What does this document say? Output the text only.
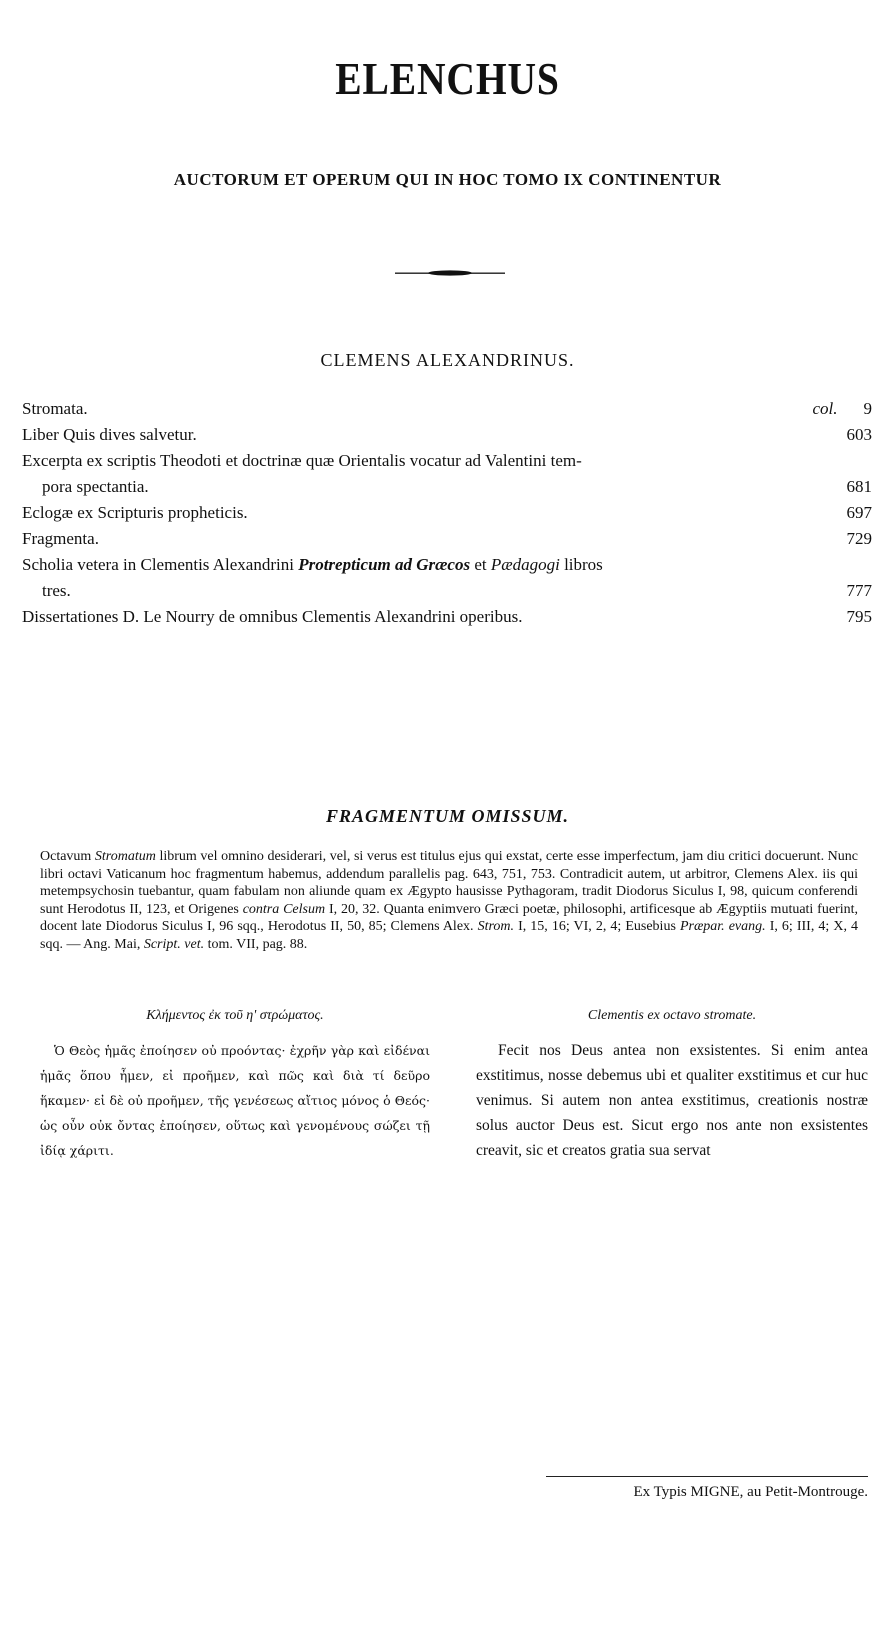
ELENCHUS
AUCTORUM ET OPERUM QUI IN HOC TOMO IX CONTINENTUR
CLEMENS ALEXANDRINUS.
Stromata.	col. 9
Liber Quis dives salvetur.	603
Excerpta ex scriptis Theodoti et doctrinæ quæ Orientalis vocatur ad Valentini tem-
pora spectantia.	681
Eclogæ ex Scripturis propheticis.	697
Fragmenta.	729
Scholia vetera in Clementis Alexandrini Protrepticum ad Græcos et Pædagogi libros
tres.	777
Dissertationes D. Le Nourry de omnibus Clementis Alexandrini operibus.	795
FRAGMENTUM OMISSUM.
Octavum Stromatum librum vel omnino desiderari, vel, si verus est titulus ejus qui exstat, certe esse imperfectum, jam diu critici docuerunt. Nunc libri octavi Vaticanum hoc fragmentum habemus, addendum parallelis pag. 643, 751, 753. Contradicit autem, ut arbitror, Clemens Alex. iis qui metempsychosin tuebantur, quam fabulam non aliunde quam ex Ægypto hausisse Pythagoram, tradit Diodorus Siculus I, 98, quicum conferendi sunt Herodotus II, 123, et Origenes contra Celsum I, 20, 32. Quanta enimvero Græci poetæ, philosophi, artificesque ab Ægyptiis mutuati fuerint, docent late Diodorus Siculus I, 96 sqq., Herodotus II, 50, 85; Clemens Alex. Strom. I, 15, 16; VI, 2, 4; Eusebius Præpar. evang. I, 6; III, 4; X, 4 sqq. — Ang. Mai, Script. vet. tom. VII, pag. 88.
Κλήμεντος ἐκ τοῦ η' στρώματος.
Ὁ Θεὸς ἡμᾶς ἐποίησεν οὐ προόντας· ἐχρῆν γὰρ καὶ εἰδέναι ἡμᾶς ὅπου ἦμεν, εἰ προῆμεν, καὶ πῶς καὶ διὰ τί δεῦρο ἥκαμεν· εἰ δὲ οὐ προῆμεν, τῆς γενέσεως αἴτιος μόνος ὁ Θεός· ὡς οὖν οὐκ ὄντας ἐποίησεν, οὕτως καὶ γενομένους σώζει τῇ ἰδίᾳ χάριτι.
Clementis ex octavo stromate.
Fecit nos Deus antea non exsistentes. Si enim antea exstitimus, nosse debemus ubi et qualiter exstitimus et cur huc venimus. Si autem non antea exstitimus, creationis nostræ solus auctor Deus est. Sicut ergo nos ante non exsistentes creavit, sic et creatos gratia sua servat
Ex Typis MIGNE, au Petit-Montrouge.
